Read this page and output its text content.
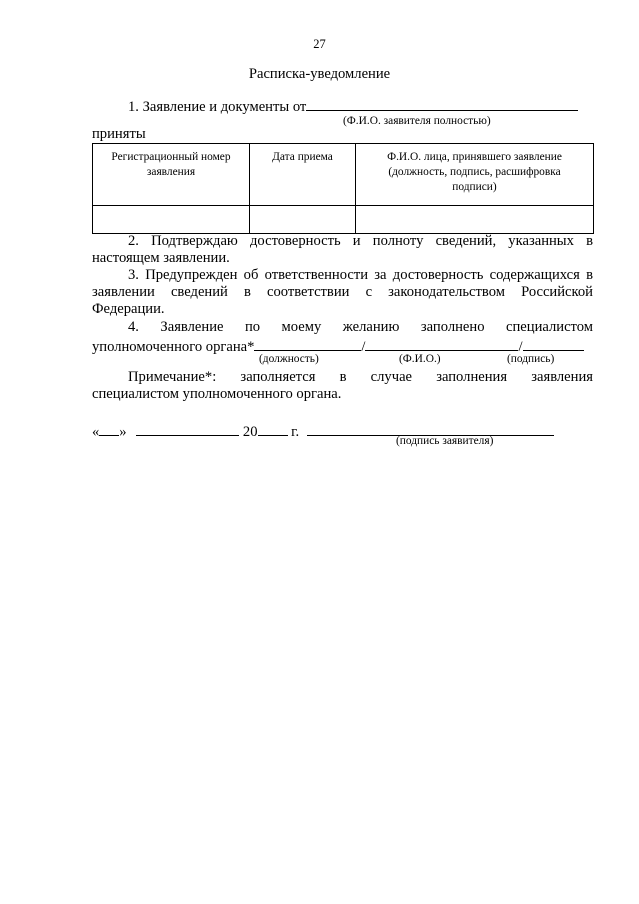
27
Расписка-уведомление
1. Заявление и документы от
(Ф.И.О. заявителя полностью)
приняты
Регистрационный номер заявления	Дата приема	Ф.И.О. лица, принявшего заявление (должность, подпись, расшифровка подписи)

2. Подтверждаю достоверность и полноту сведений, указанных в
настоящем заявлении.
3. Предупрежден об ответственности за достоверность содержащихся в
заявлении сведений в соответствии с законодательством Российской
Федерации.
4. Заявление по моему желанию заполнено специалистом
уполномоченного органа*	/	/
(должность)	(Ф.И.О.)	(подпись)
Примечание*: заполняется в случае заполнения заявления
специалистом уполномоченного органа.
« »	20 г.
(подпись заявителя)
